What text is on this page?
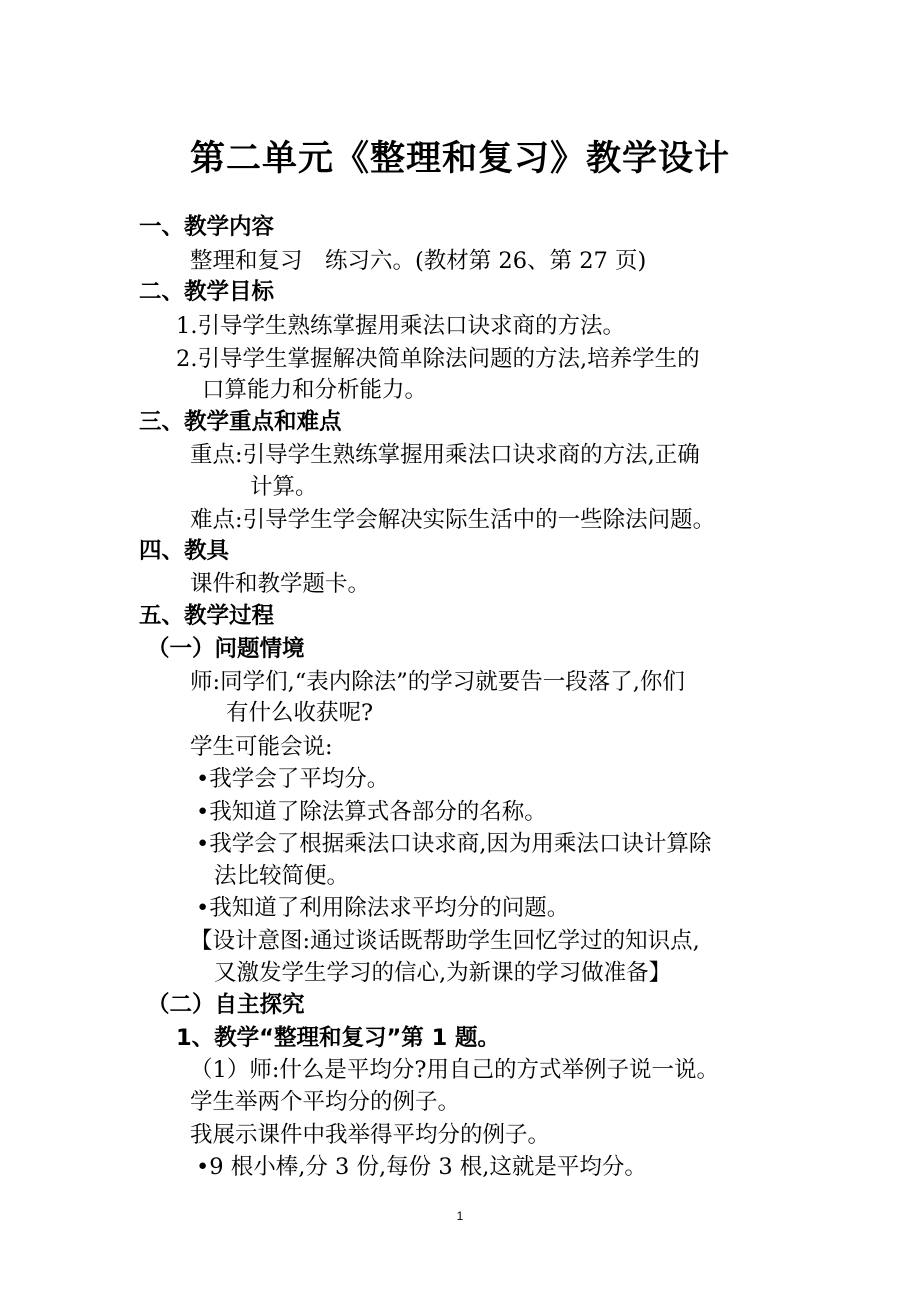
第二单元《整理和复习》教学设计
一、教学内容
整理和复习　练习六。(教材第 26、第 27 页)
二、教学目标
1.引导学生熟练掌握用乘法口诀求商的方法。
2.引导学生掌握解决简单除法问题的方法,培养学生的
口算能力和分析能力。
三、教学重点和难点
重点:引导学生熟练掌握用乘法口诀求商的方法,正确
计算。
难点:引导学生学会解决实际生活中的一些除法问题。
四、教具
课件和教学题卡。
五、教学过程
（一）问题情境
师:同学们,“表内除法”的学习就要告一段落了,你们
有什么收获呢?
学生可能会说:
•我学会了平均分。
•我知道了除法算式各部分的名称。
•我学会了根据乘法口诀求商,因为用乘法口诀计算除
法比较简便。
•我知道了利用除法求平均分的问题。
【设计意图:通过谈话既帮助学生回忆学过的知识点,
又激发学生学习的信心,为新课的学习做准备】
（二）自主探究
1、教学“整理和复习”第 1 题。
（1）师:什么是平均分?用自己的方式举例子说一说。
学生举两个平均分的例子。
我展示课件中我举得平均分的例子。
•9 根小棒,分 3 份,每份 3 根,这就是平均分。
1
